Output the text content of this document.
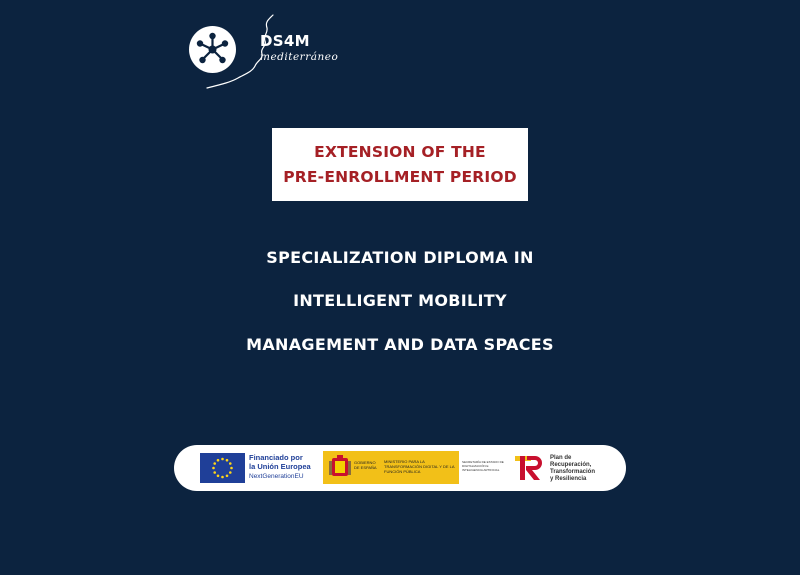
DS4M
mediterráneo
EXTENSION OF THE
PRE-ENROLLMENT PERIOD
SPECIALIZATION DIPLOMA IN
INTELLIGENT MOBILITY
MANAGEMENT AND DATA SPACES
Financiado por
la Unión Europea
NextGenerationEU
GOBIERNO DE ESPAÑA
MINISTERIO PARA LA TRANSFORMACIÓN DIGITAL Y DE LA FUNCIÓN PÚBLICA
SECRETARÍA DE ESTADO DE DIGITALIZACIÓN E INTELIGENCIA ARTIFICIAL
Plan de
Recuperación,
Transformación
y Resiliencia
